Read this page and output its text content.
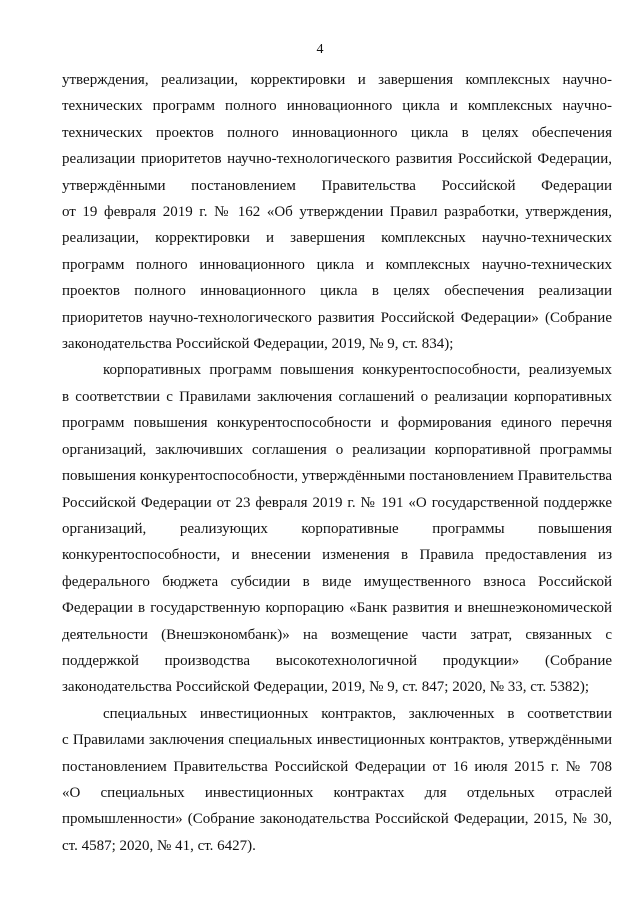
4
утверждения, реализации, корректировки и завершения комплексных научно-
технических программ полного инновационного цикла и комплексных научно-
технических проектов полного инновационного цикла в целях обеспечения
реализации приоритетов научно-технологического развития Российской Федерации,
утверждёнными постановлением Правительства Российской Федерации
от 19 февраля 2019 г. № 162 «Об утверждении Правил разработки, утверждения,
реализации, корректировки и завершения комплексных научно-технических
программ полного инновационного цикла и комплексных научно-технических
проектов полного инновационного цикла в целях обеспечения реализации
приоритетов научно-технологического развития Российской Федерации» (Собрание
законодательства Российской Федерации, 2019, № 9, ст. 834);
корпоративных программ повышения конкурентоспособности, реализуемых
в соответствии с Правилами заключения соглашений о реализации корпоративных
программ повышения конкурентоспособности и формирования единого перечня
организаций, заключивших соглашения о реализации корпоративной программы
повышения конкурентоспособности, утверждёнными постановлением Правительства
Российской Федерации от 23 февраля 2019 г. № 191 «О государственной поддержке
организаций, реализующих корпоративные программы повышения
конкурентоспособности, и внесении изменения в Правила предоставления из
федерального бюджета субсидии в виде имущественного взноса Российской
Федерации в государственную корпорацию «Банк развития и внешнеэкономической
деятельности (Внешэкономбанк)» на возмещение части затрат, связанных с
поддержкой производства высокотехнологичной продукции» (Собрание
законодательства Российской Федерации, 2019, № 9, ст. 847; 2020, № 33, ст. 5382);
специальных инвестиционных контрактов, заключенных в соответствии
с Правилами заключения специальных инвестиционных контрактов, утверждёнными
постановлением Правительства Российской Федерации от 16 июля 2015 г. № 708
«О специальных инвестиционных контрактах для отдельных отраслей
промышленности» (Собрание законодательства Российской Федерации, 2015, № 30,
ст. 4587; 2020, № 41, ст. 6427).
